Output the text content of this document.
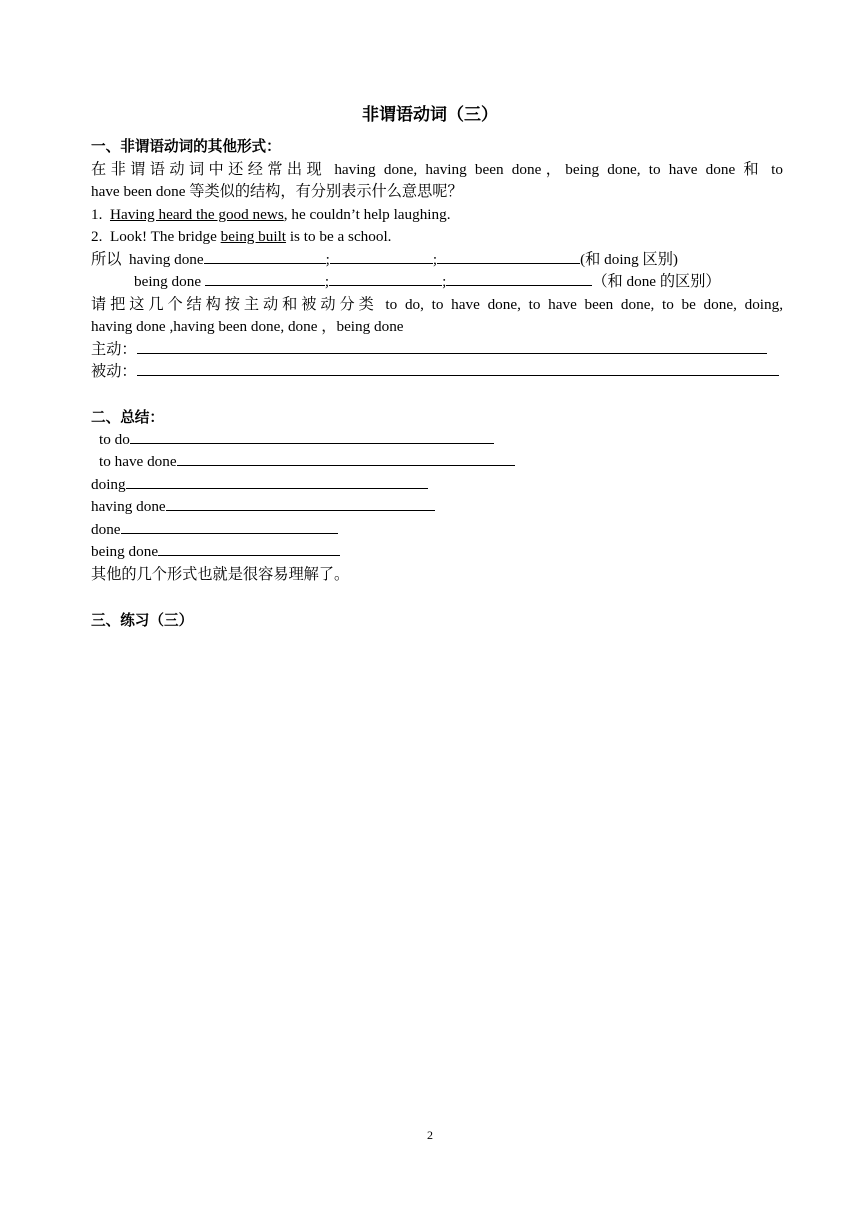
非谓语动词（三）
一、非谓语动词的其他形式：
在非谓语动词中还经常出现 having done, having been done，being done, to have done 和 to
have been done 等类似的结构，有分别表示什么意思呢？
1. Having heard the good news, he couldn’t help laughing.
2. Look! The bridge being built is to be a school.
所以 having done	;	;	(和 doing 区别)
being done	;	;	（和 done 的区别）
请把这几个结构按主动和被动分类 to do, to have done, to have been done, to be done, doing,
having done ,having been done, done ，being done
主动：
被动：
二、总结：
to do
to have done
doing
having done
done
being done
其他的几个形式也就是很容易理解了。
三、练习（三）
2
